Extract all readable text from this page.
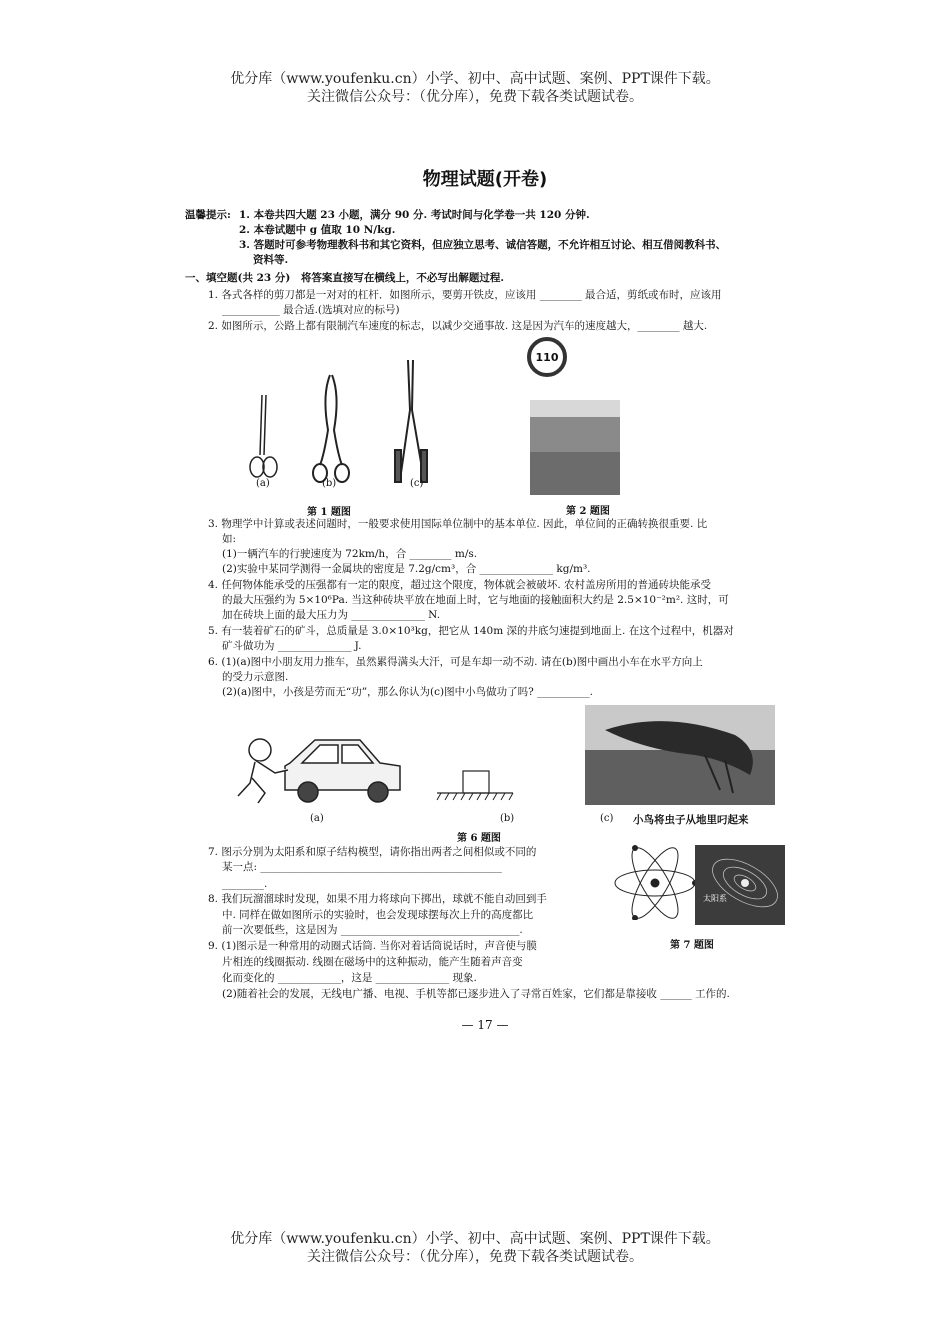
优分库（www.youfenku.cn）小学、初中、高中试题、案例、PPT课件下载。
关注微信公众号：（优分库），免费下载各类试题试卷。
物理试题(开卷)
温馨提示: 1. 本卷共四大题 23 小题，满分 90 分. 考试时间与化学卷一共 120 分钟.
2. 本卷试题中 g 值取 10 N/kg.
3. 答题时可参考物理教科书和其它资料，但应独立思考、诚信答题，不允许相互讨论、相互借阅教科书、
资料等.
一、填空题(共 23 分)　将答案直接写在横线上，不必写出解题过程.
1. 各式各样的剪刀都是一对对的杠杆．如图所示，要剪开铁皮，应该用 ________ 最合适，剪纸或布时，应该用
___________ 最合适.(选填对应的标号)
2. 如图所示，公路上都有限制汽车速度的标志，以减少交通事故. 这是因为汽车的速度越大，________ 越大.
(a)	(b)	(c)
第 1 题图
110
第 2 题图
3. 物理学中计算或表述问题时，一般要求使用国际单位制中的基本单位. 因此，单位间的正确转换很重要. 比
如:
(1)一辆汽车的行驶速度为 72km/h，合 ________ m/s.
(2)实验中某同学测得一金属块的密度是 7.2g/cm³，合 ______________ kg/m³.
4. 任何物体能承受的压强都有一定的限度，超过这个限度，物体就会被破坏. 农村盖房所用的普通砖块能承受
的最大压强约为 5×10⁶Pa. 当这种砖块平放在地面上时，它与地面的接触面积大约是 2.5×10⁻²m². 这时，可
加在砖块上面的最大压力为 ______________ N.
5. 有一装着矿石的矿斗，总质量是 3.0×10³kg，把它从 140m 深的井底匀速提到地面上. 在这个过程中，机器对
矿斗做功为 ______________ J.
6. (1)(a)图中小朋友用力推车，虽然累得满头大汗，可是车却一动不动. 请在(b)图中画出小车在水平方向上
的受力示意图.
(2)(a)图中，小孩是劳而无“功”，那么你认为(c)图中小鸟做功了吗? __________.
(a)	(b)	(c) 小鸟将虫子从地里叼起来
第 6 题图
7. 图示分别为太阳系和原子结构模型，请你指出两者之间相似或不同的
某一点: ______________________________________________
________.
太阳系
第 7 题图
8. 我们玩溜溜球时发现，如果不用力将球向下掷出，球就不能自动回到手
中. 同样在做如图所示的实验时，也会发现球摆每次上升的高度都比
前一次要低些，这是因为 __________________________________.
9. (1)图示是一种常用的动圈式话筒. 当你对着话筒说话时，声音使与膜
片相连的线圈振动. 线圈在磁场中的这种振动，能产生随着声音变
化而变化的 ____________，这是 ______________ 现象.
(2)随着社会的发展，无线电广播、电视、手机等都已逐步进入了寻常百姓家，它们都是靠接收 ______ 工作的.
— 17 —
优分库（www.youfenku.cn）小学、初中、高中试题、案例、PPT课件下载。
关注微信公众号：（优分库），免费下载各类试题试卷。
